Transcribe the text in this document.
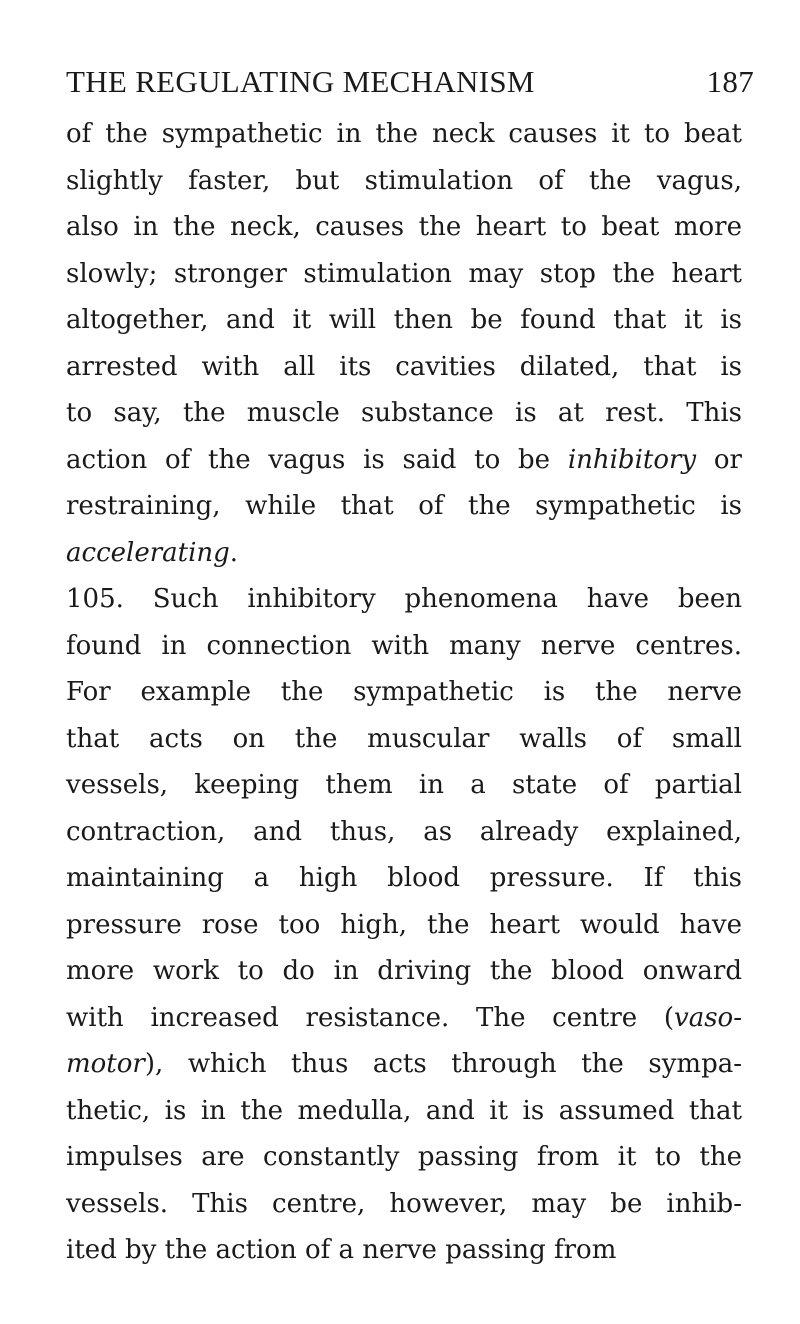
THE REGULATING MECHANISM	187
of the sympathetic in the neck causes it to beat
slightly faster, but stimulation of the vagus,
also in the neck, causes the heart to beat more
slowly; stronger stimulation may stop the heart
altogether, and it will then be found that it is
arrested with all its cavities dilated, that is
to say, the muscle substance is at rest. This
action of the vagus is said to be inhibitory or
restraining, while that of the sympathetic is
accelerating.
105. Such inhibitory phenomena have been
found in connection with many nerve centres.
For example the sympathetic is the nerve
that acts on the muscular walls of small
vessels, keeping them in a state of partial
contraction, and thus, as already explained,
maintaining a high blood pressure. If this
pressure rose too high, the heart would have
more work to do in driving the blood onward
with increased resistance. The centre (vaso-
motor), which thus acts through the sympa-
thetic, is in the medulla, and it is assumed that
impulses are constantly passing from it to the
vessels. This centre, however, may be inhib-
ited by the action of a nerve passing from
